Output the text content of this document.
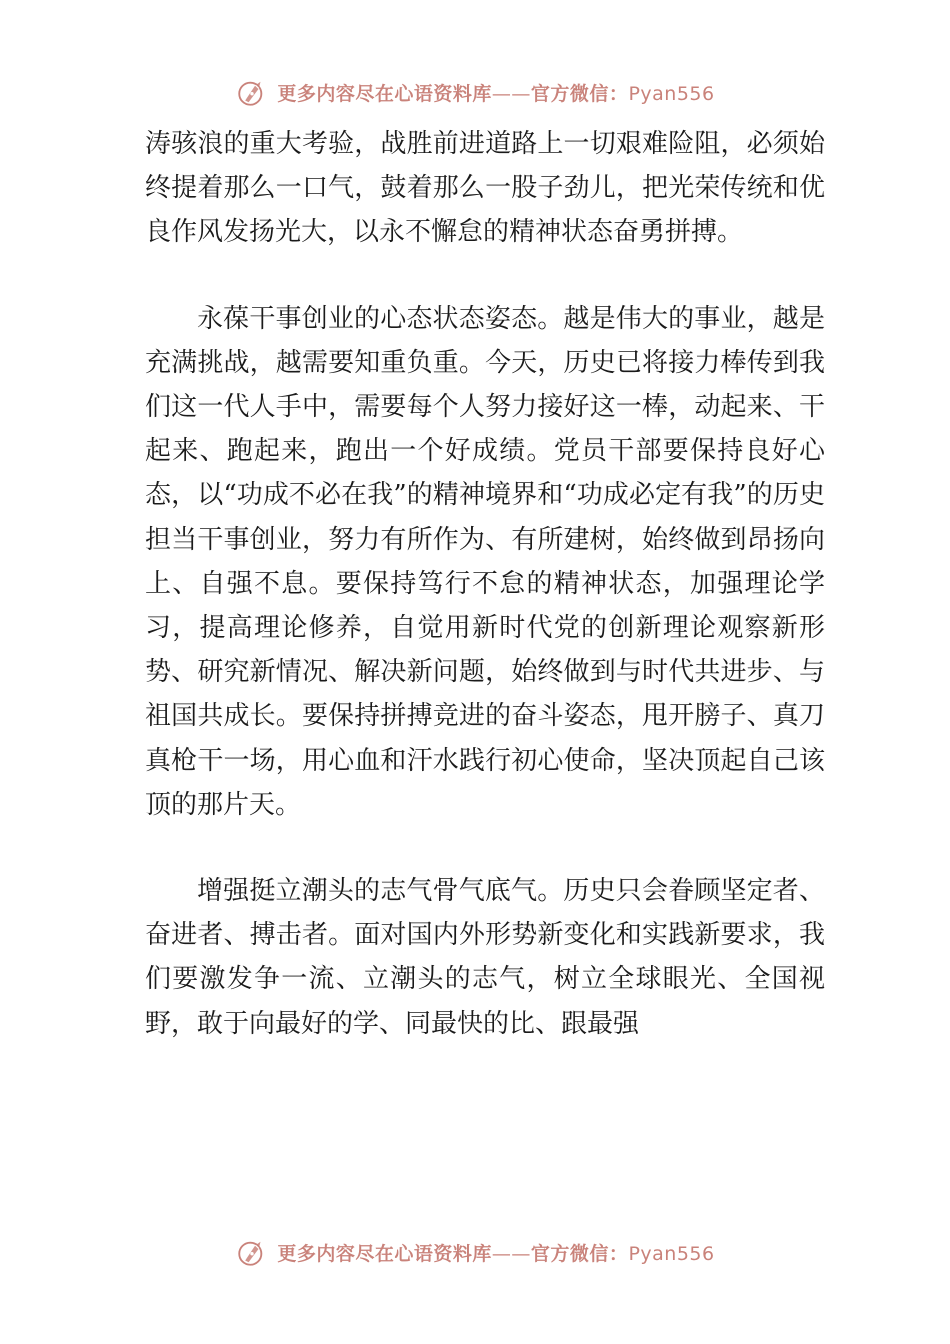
更多内容尽在心语资料库——官方微信：Pyan556

涛骇浪的重大考验，战胜前进道路上一切艰难险阻，必须始终提着那么一口气，鼓着那么一股子劲儿，把光荣传统和优良作风发扬光大，以永不懈怠的精神状态奋勇拼搏。

永葆干事创业的心态状态姿态。越是伟大的事业，越是充满挑战，越需要知重负重。今天，历史已将接力棒传到我们这一代人手中，需要每个人努力接好这一棒，动起来、干起来、跑起来，跑出一个好成绩。党员干部要保持良好心态，以“功成不必在我”的精神境界和“功成必定有我”的历史担当干事创业，努力有所作为、有所建树，始终做到昂扬向上、自强不息。要保持笃行不怠的精神状态，加强理论学习，提高理论修养，自觉用新时代党的创新理论观察新形势、研究新情况、解决新问题，始终做到与时代共进步、与祖国共成长。要保持拼搏竞进的奋斗姿态，甩开膀子、真刀真枪干一场，用心血和汗水践行初心使命，坚决顶起自己该顶的那片天。

增强挺立潮头的志气骨气底气。历史只会眷顾坚定者、奋进者、搏击者。面对国内外形势新变化和实践新要求，我们要激发争一流、立潮头的志气，树立全球眼光、全国视野，敢于向最好的学、同最快的比、跟最强

更多内容尽在心语资料库——官方微信：Pyan556
